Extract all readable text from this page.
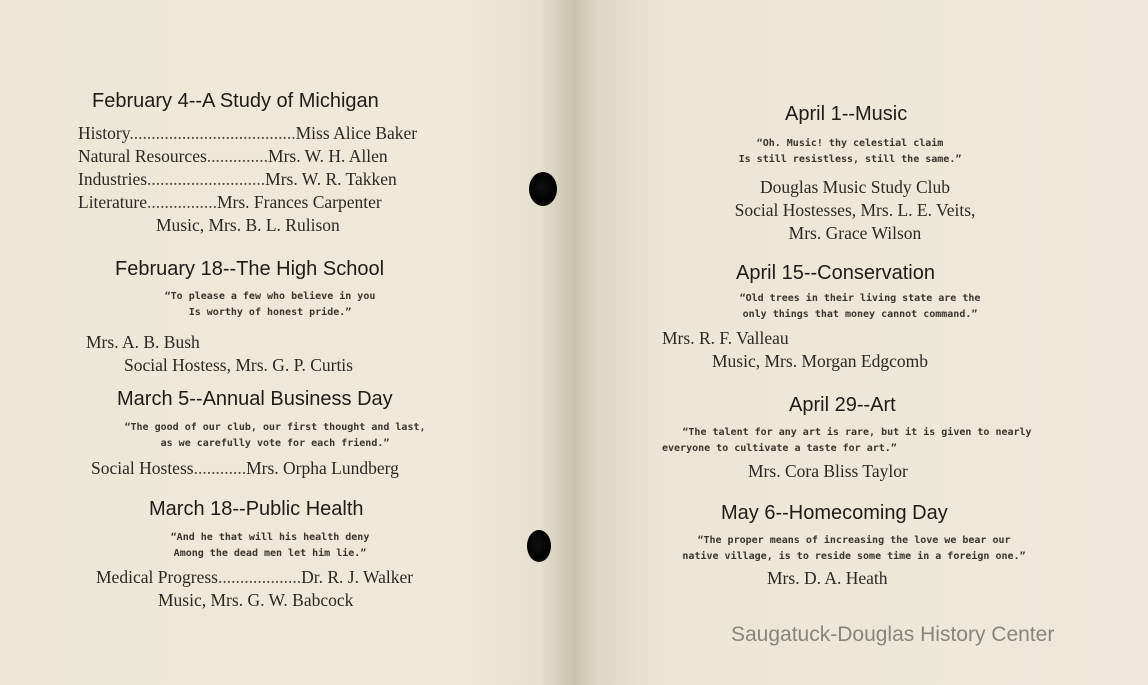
February 4--A Study of Michigan
History......................................Miss Alice Baker
Natural Resources..............Mrs. W. H. Allen
Industries...........................Mrs. W. R. Takken
Literature................Mrs. Frances Carpenter
Music, Mrs. B. L. Rulison
February 18--The High School
“To please a few who believe in you
Is worthy of honest pride.”
Mrs. A. B. Bush
Social Hostess, Mrs. G. P. Curtis
March 5--Annual Business Day
“The good of our club, our first thought and last,
as we carefully vote for each friend.”
Social Hostess............Mrs. Orpha Lundberg
March 18--Public Health
“And he that will his health deny
Among the dead men let him lie.”
Medical Progress...................Dr. R. J. Walker
Music, Mrs. G. W. Babcock
April 1--Music
“Oh. Music! thy celestial claim
Is still resistless, still the same.”
Douglas Music Study Club
Social Hostesses, Mrs. L. E. Veits,
Mrs. Grace Wilson
April 15--Conservation
“Old trees in their living state are the
only things that money cannot command.”
Mrs. R. F. Valleau
Music, Mrs. Morgan Edgcomb
April 29--Art
“The talent for any art is rare, but it is given to nearly
everyone to cultivate a taste for art.”
Mrs. Cora Bliss Taylor
May 6--Homecoming Day
“The proper means of increasing the love we bear our
native village, is to reside some time in a foreign one.”
Mrs. D. A. Heath
Saugatuck-Douglas History Center
